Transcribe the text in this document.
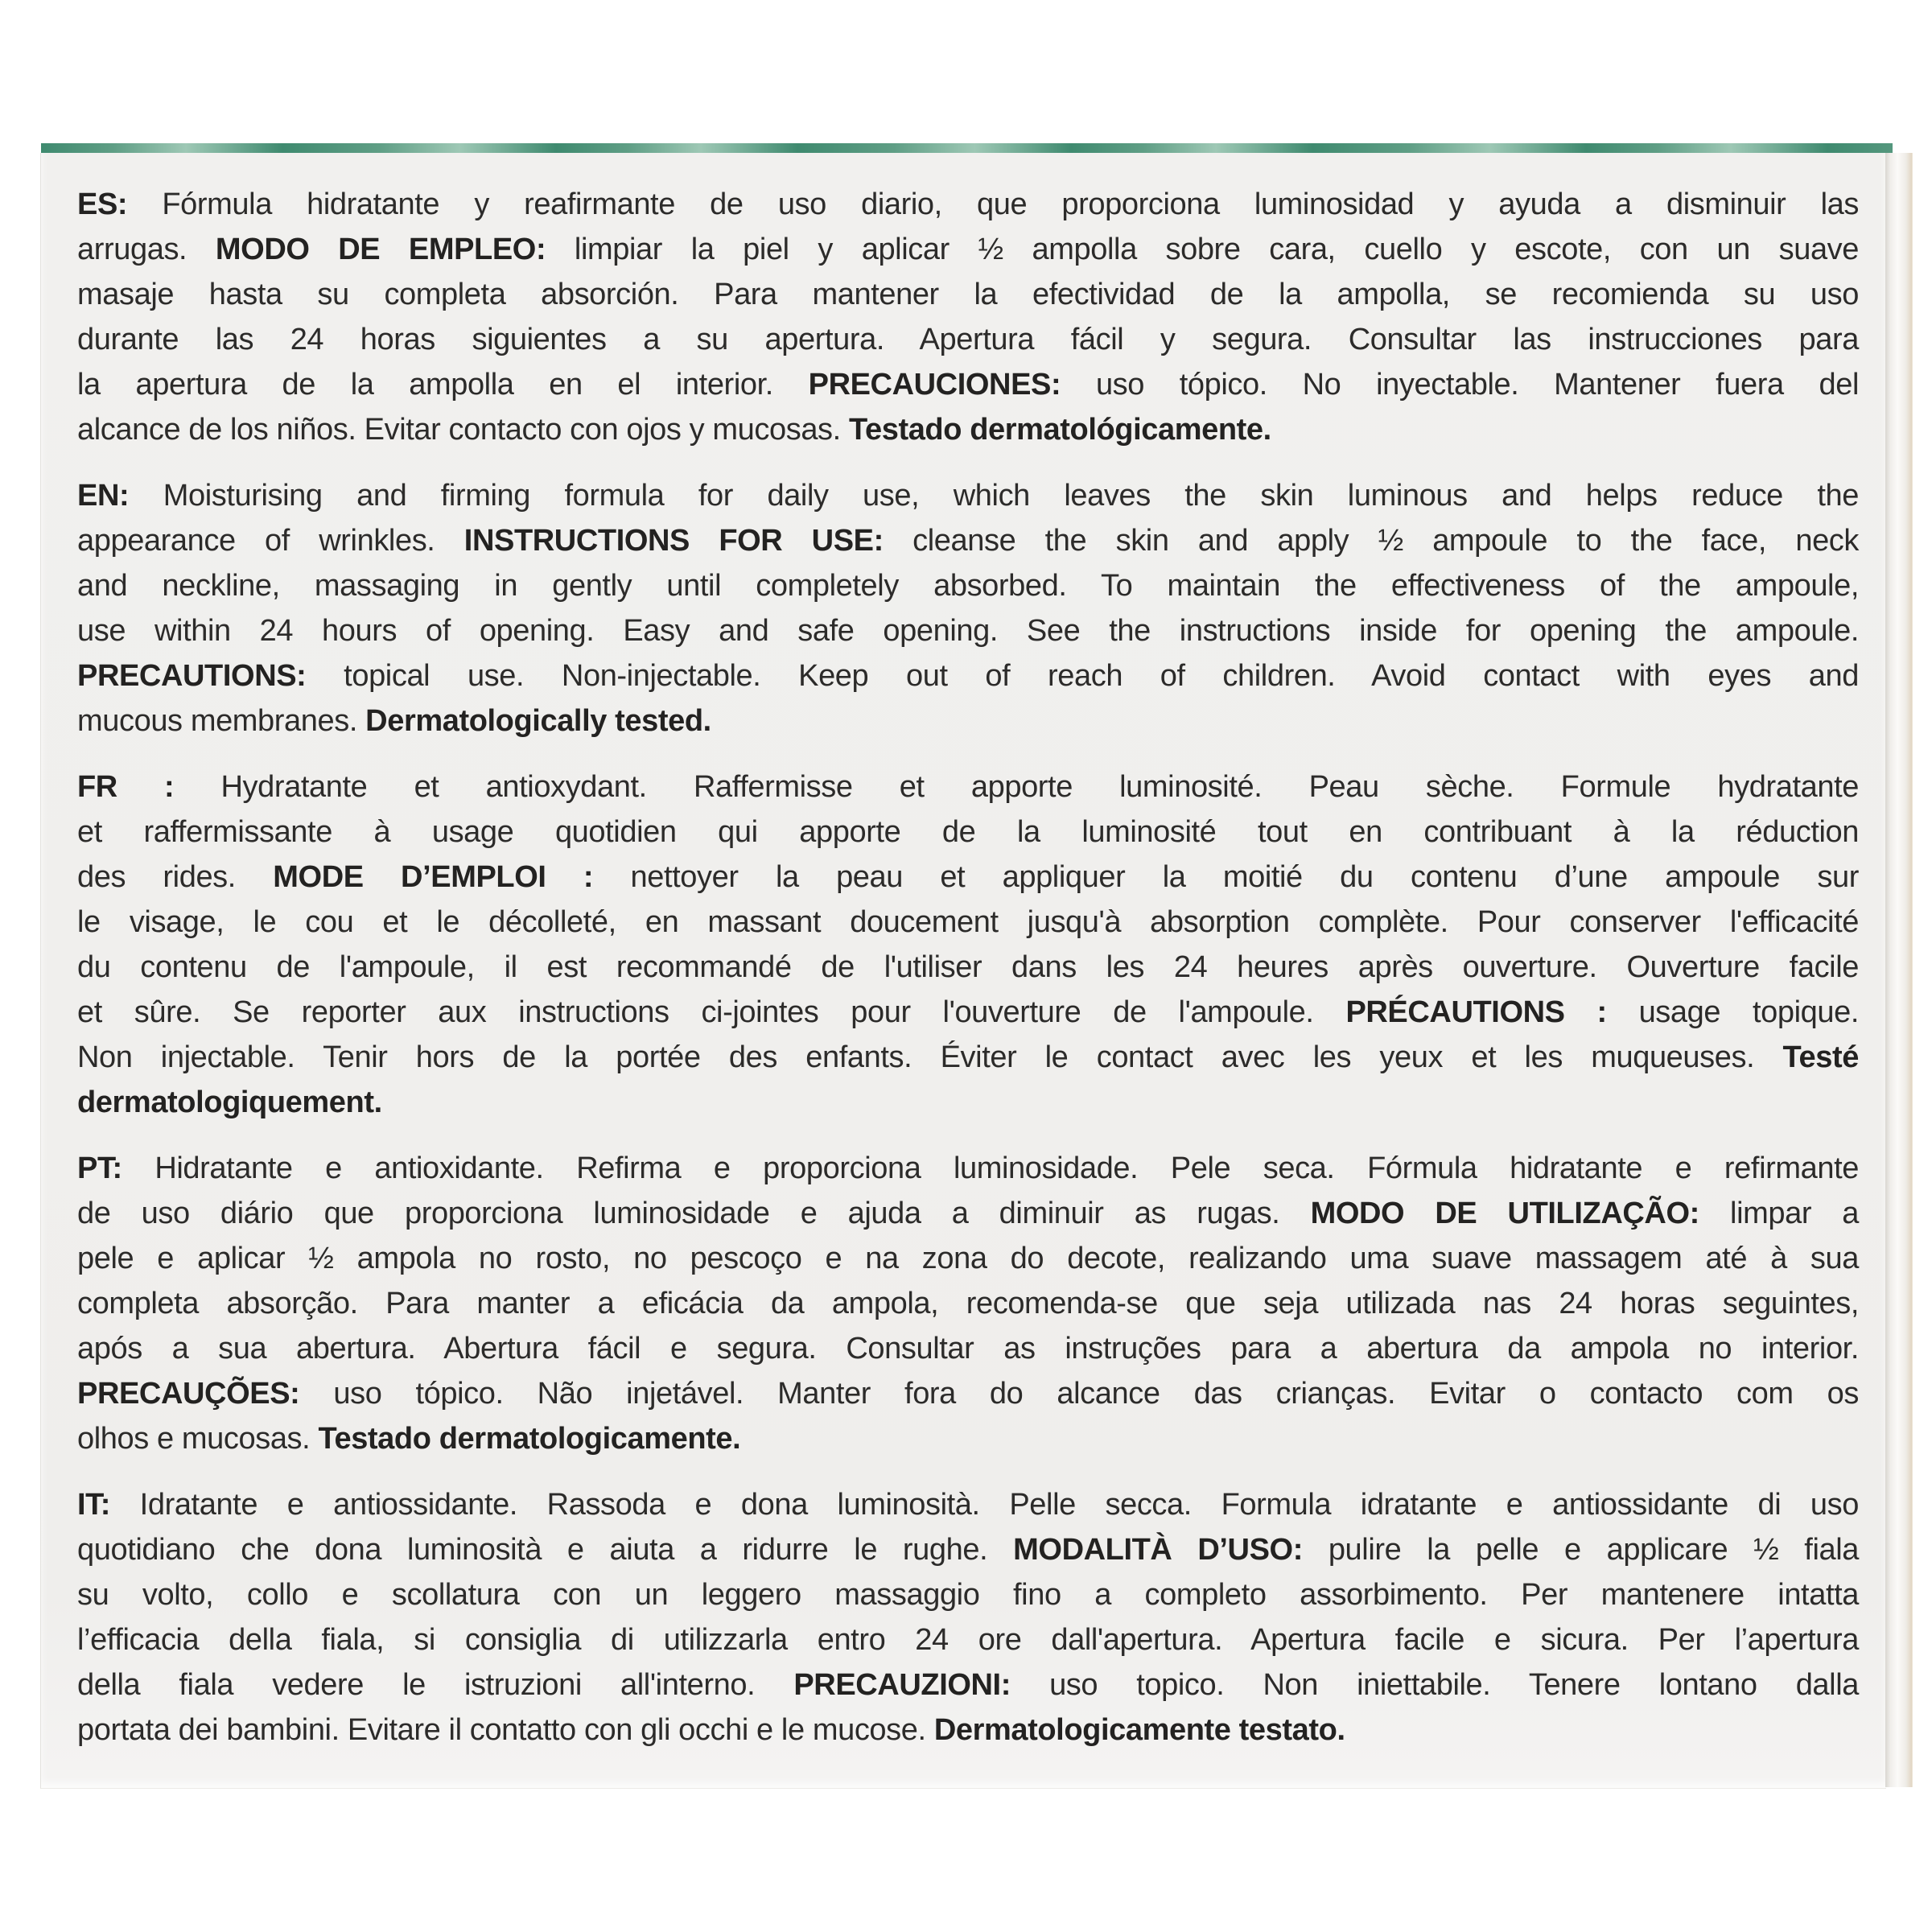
ES: Fórmula hidratante y reafirmante de uso diario, que proporciona luminosidad y ayuda a disminuir las
arrugas. MODO DE EMPLEO: limpiar la piel y aplicar ½ ampolla sobre cara, cuello y escote, con un suave
masaje hasta su completa absorción. Para mantener la efectividad de la ampolla, se recomienda su uso
durante las 24 horas siguientes a su apertura. Apertura fácil y segura. Consultar las instrucciones para
la apertura de la ampolla en el interior. PRECAUCIONES: uso tópico. No inyectable. Mantener fuera del
alcance de los niños. Evitar contacto con ojos y mucosas. Testado dermatológicamente.
EN: Moisturising and firming formula for daily use, which leaves the skin luminous and helps reduce the
appearance of wrinkles. INSTRUCTIONS FOR USE: cleanse the skin and apply ½ ampoule to the face, neck
and neckline, massaging in gently until completely absorbed. To maintain the effectiveness of the ampoule,
use within 24 hours of opening. Easy and safe opening. See the instructions inside for opening the ampoule.
PRECAUTIONS: topical use. Non-injectable. Keep out of reach of children. Avoid contact with eyes and
mucous membranes. Dermatologically tested.
FR : Hydratante et antioxydant. Raffermisse et apporte luminosité. Peau sèche. Formule hydratante
et raffermissante à usage quotidien qui apporte de la luminosité tout en contribuant à la réduction
des rides. MODE D’EMPLOI : nettoyer la peau et appliquer la moitié du contenu d’une ampoule sur
le visage, le cou et le décolleté, en massant doucement jusqu'à absorption complète. Pour conserver l'efficacité
du contenu de l'ampoule, il est recommandé de l'utiliser dans les 24 heures après ouverture. Ouverture facile
et sûre. Se reporter aux instructions ci-jointes pour l'ouverture de l'ampoule. PRÉCAUTIONS : usage topique.
Non injectable. Tenir hors de la portée des enfants. Éviter le contact avec les yeux et les muqueuses. Testé
dermatologiquement.
PT: Hidratante e antioxidante. Refirma e proporciona luminosidade. Pele seca. Fórmula hidratante e refirmante
de uso diário que proporciona luminosidade e ajuda a diminuir as rugas. MODO DE UTILIZAÇÃO: limpar a
pele e aplicar ½ ampola no rosto, no pescoço e na zona do decote, realizando uma suave massagem até à sua
completa absorção. Para manter a eficácia da ampola, recomenda-se que seja utilizada nas 24 horas seguintes,
após a sua abertura. Abertura fácil e segura. Consultar as instruções para a abertura da ampola no interior.
PRECAUÇÕES: uso tópico. Não injetável. Manter fora do alcance das crianças. Evitar o contacto com os
olhos e mucosas. Testado dermatologicamente.
IT: Idratante e antiossidante. Rassoda e dona luminosità. Pelle secca. Formula idratante e antiossidante di uso
quotidiano che dona luminosità e aiuta a ridurre le rughe. MODALITÀ D’USO: pulire la pelle e applicare ½ fiala
su volto, collo e scollatura con un leggero massaggio fino a completo assorbimento. Per mantenere intatta
l’efficacia della fiala, si consiglia di utilizzarla entro 24 ore dall'apertura. Apertura facile e sicura. Per l’apertura
della fiala vedere le istruzioni all'interno. PRECAUZIONI: uso topico. Non iniettabile. Tenere lontano dalla
portata dei bambini. Evitare il contatto con gli occhi e le mucose. Dermatologicamente testato.
